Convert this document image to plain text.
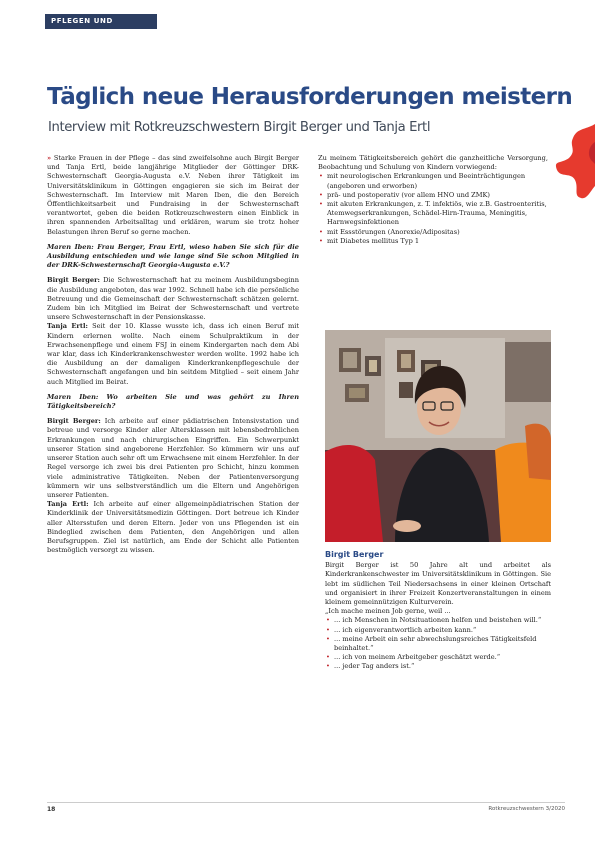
PFLEGEN UND BETREUEN
Täglich neue Herausforderungen meistern
Interview mit Rotkreuzschwestern Birgit Berger und Tanja Ertl

» Starke Frauen in der Pflege – das sind zweifelsohne auch Birgit Berger und Tanja Ertl, beide langjährige Mitglieder der Göttinger DRK-Schwesternschaft Georgia-Augusta e.V. Neben ihrer Tätigkeit im Universitätsklinikum in Göttingen engagieren sie sich im Beirat der Schwesternschaft. Im Interview mit Maren Iben, die den Bereich Öffentlichkeitsarbeit und Fundraising in der Schwesternschaft verantwortet, geben die beiden Rotkreuzschwestern einen Einblick in ihren spannenden Arbeitsalltag und erklären, warum sie trotz hoher Belastungen ihren Beruf so gerne machen.

Maren Iben: Frau Berger, Frau Ertl, wieso haben Sie sich für die Ausbildung entschieden und wie lange sind Sie schon Mitglied in der DRK-Schwesternschaft Georgia-Augusta e.V.?

Birgit Berger: Die Schwesternschaft hat zu meinem Ausbildungsbeginn die Ausbildung angeboten, das war 1992. Schnell habe ich die persönliche Betreuung und die Gemeinschaft der Schwesternschaft schätzen gelernt. Zudem bin ich Mitglied im Beirat der Schwesternschaft und vertrete unsere Schwesternschaft in der Pensionskasse.

Tanja Ertl: Seit der 10. Klasse wusste ich, dass ich einen Beruf mit Kindern erlernen wollte. Nach einem Schulpraktikum in der Erwachsenenpflege und einem FSJ in einem Kindergarten nach dem Abi war klar, dass ich Kinderkrankenschwester werden wollte. 1992 habe ich die Ausbildung an der damaligen Kinderkrankenpflegeschule der Schwesternschaft angefangen und bin seitdem Mitglied – seit einem Jahr auch Mitglied im Beirat.

Maren Iben: Wo arbeiten Sie und was gehört zu Ihren Tätigkeitsbereich?

Birgit Berger: Ich arbeite auf einer pädiatrischen Intensivstation und betreue und versorge Kinder aller Altersklassen mit lebensbedrohlichen Erkrankungen und nach chirurgischen Eingriffen. Ein Schwerpunkt unserer Station sind angeborene Herzfehler. So kümmern wir uns auf unserer Station auch sehr oft um Erwachsene mit einem Herzfehler. In der Regel versorge ich zwei bis drei Patienten pro Schicht, hinzu kommen viele administrative Tätigkeiten. Neben der Patientenversorgung kümmern wir uns selbstverständlich um die Eltern und Angehörigen unserer Patienten.

Tanja Ertl: Ich arbeite auf einer allgemeinpädiatrischen Station der Kinderklinik der Universitätsmedizin Göttingen. Dort betreue ich Kinder aller Altersstufen und deren Eltern. Jeder von uns Pflegenden ist ein Bindeglied zwischen dem Patienten, den Angehörigen und allen Berufsgruppen. Ziel ist natürlich, am Ende der Schicht alle Patienten bestmöglich versorgt zu wissen.

Zu meinem Tätigkeitsbereich gehört die ganzheitliche Versorgung, Beobachtung und Schulung von Kindern vorwiegend:

• mit neurologischen Erkrankungen und Beeinträchtigungen (angeboren und erworben)
• prä- und postoperativ (vor allem HNO und ZMK)
• mit akuten Erkrankungen, z. T. infektiös, wie z.B. Gastroenteritis, Atemwegserkrankungen, Schädel-Hirn-Trauma, Meningitis, Harnwegsinfektionen
• mit Essstörungen (Anorexie/Adipositas)
• mit Diabetes mellitus Typ 1
Birgit Berger

Birgit Berger ist 50 Jahre alt und arbeitet als Kinderkrankenschwester im Universitätsklinikum in Göttingen. Sie lebt im südlichen Teil Niedersachsens in einer kleinen Ortschaft und organisiert in ihrer Freizeit Konzertveranstaltungen in einem kleinem gemeinnützigen Kulturverein.

„Ich mache meinen Job gerne, weil ...

• ... ich Menschen in Notsituationen helfen und beistehen will.“
• ... ich eigenverantwortlich arbeiten kann.“
• ... meine Arbeit ein sehr abwechslungsreiches Tätigkeitsfeld beinhaltet.“
• ... ich von meinem Arbeitgeber geschätzt werde.“
• ... jeder Tag anders ist.“
18	Rotkreuzschwestern 3/2020
